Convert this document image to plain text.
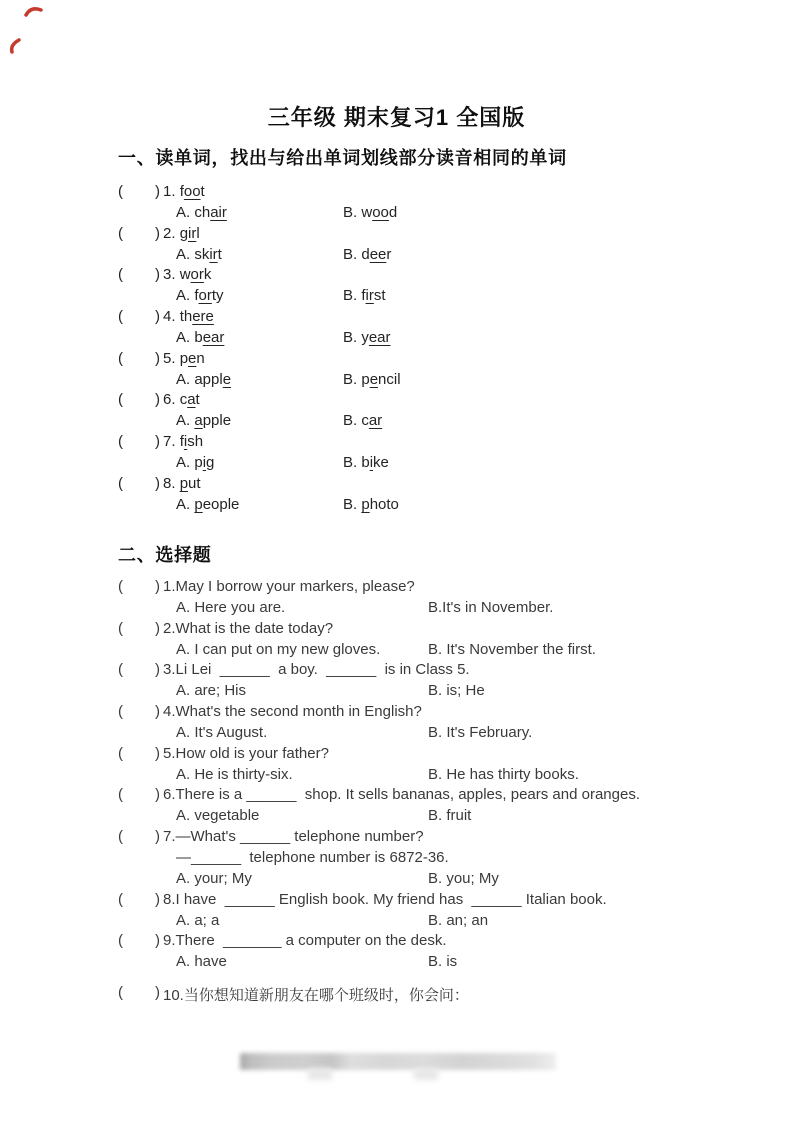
三年级 期末复习1 全国版
一、读单词，找出与给出单词划线部分读音相同的单词
( ) 1. foot
A. chair	B. wood
( ) 2. girl
A. skirt	B. deer
( ) 3. work
A. forty	B. first
( ) 4. there
A. bear	B. year
( ) 5. pen
A. apple	B. pencil
( ) 6. cat
A. apple	B. car
( ) 7. fish
A. pig	B. bike
( ) 8. put
A. people	B. photo
二、选择题
( ) 1.May I borrow your markers, please?
A. Here you are.	B.It's in November.
( ) 2.What is the date today?
A. I can put on my new gloves.	B. It's November the first.
( ) 3.Li Lei  ______  a boy.  ______  is in Class 5.
A. are; His	B. is; He
( ) 4.What's the second month in English?
A. It's August.	B. It's February.
( ) 5.How old is your father?
A. He is thirty-six.	B. He has thirty books.
( ) 6.There is a ______  shop. It sells bananas, apples, pears and oranges.
A. vegetable	B. fruit
( ) 7.—What's ______ telephone number?
—______  telephone number is 6872-36.
A. your; My	B. you; My
( ) 8.I have  ______ English book. My friend has  ______ Italian book.
A. a; a	B. an; an
( ) 9.There  _______ a computer on the desk.
A. have	B. is
( ) 10.当你想知道新朋友在哪个班级时，你会问：
